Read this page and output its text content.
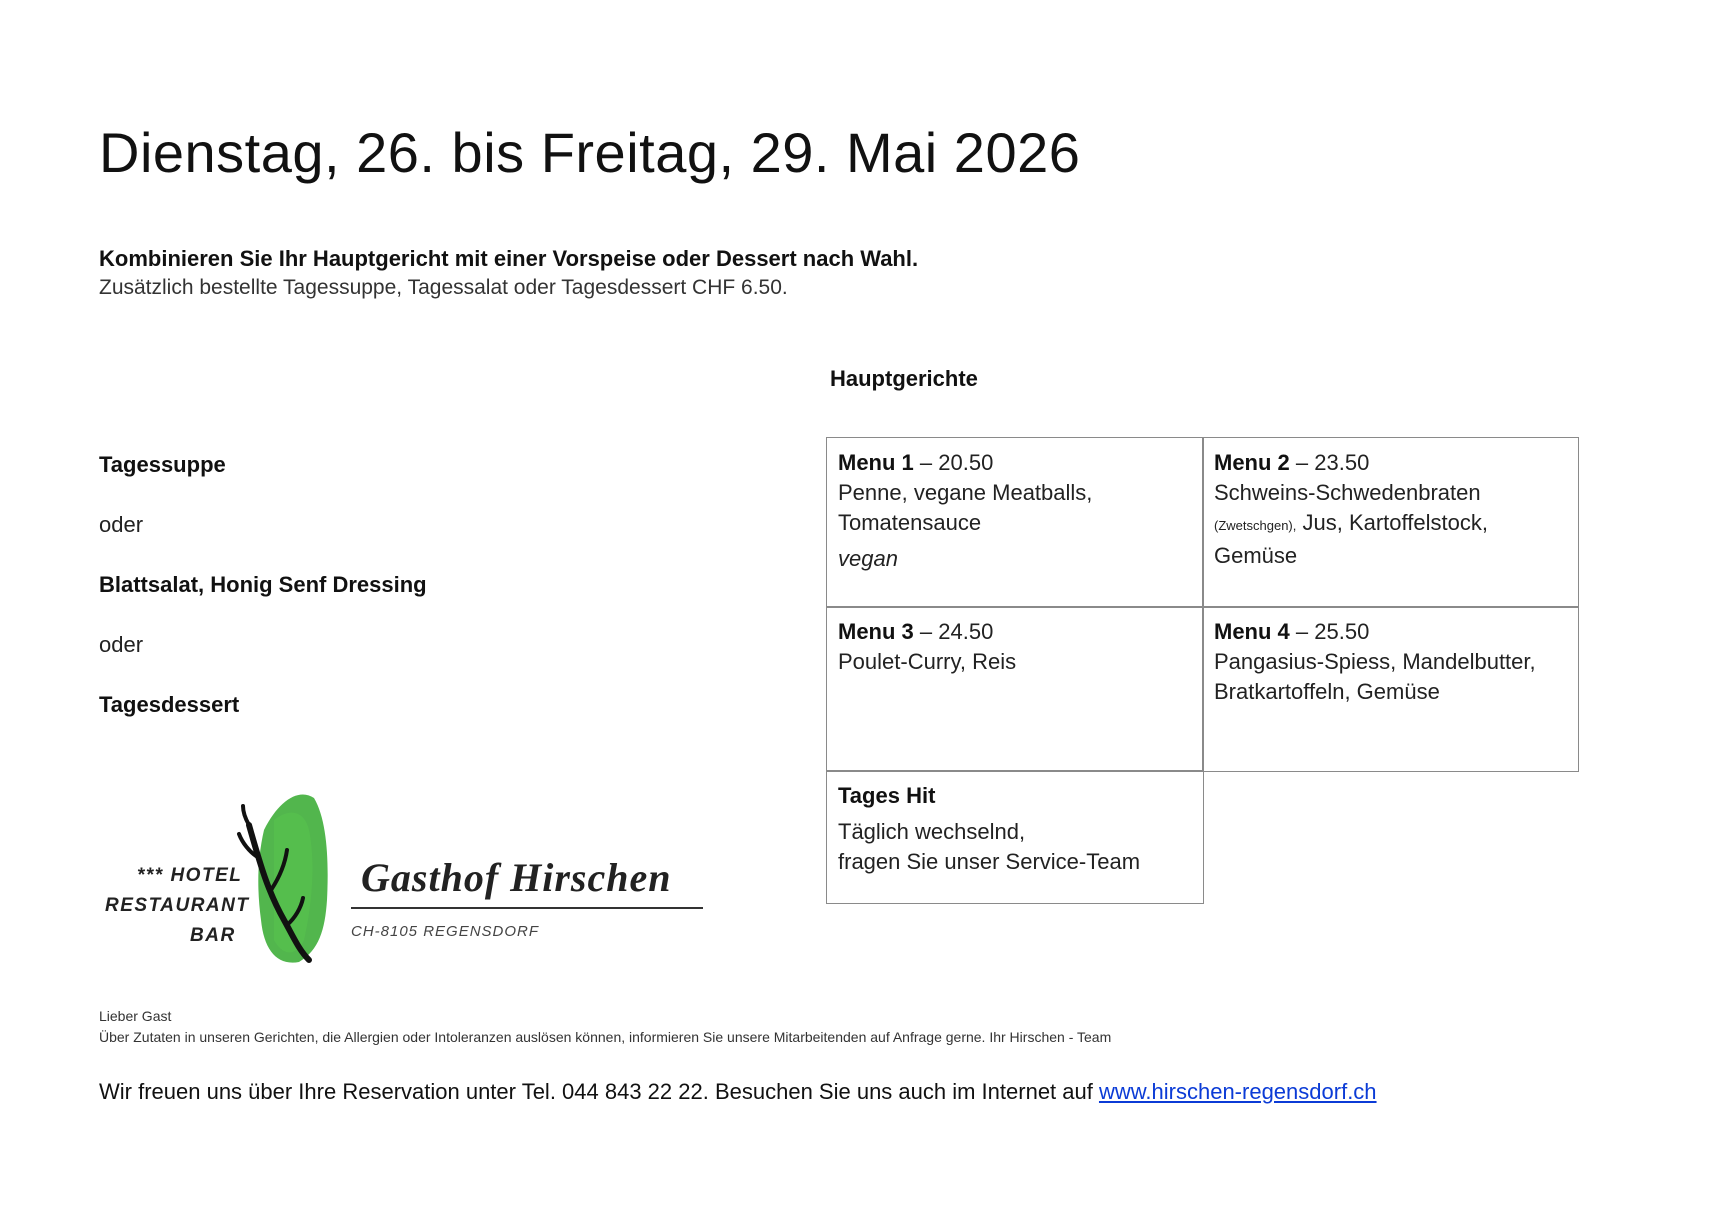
Dienstag, 26. bis Freitag, 29. Mai 2026
Kombinieren Sie Ihr Hauptgericht mit einer Vorspeise oder Dessert nach Wahl.
Zusätzlich bestellte Tagessuppe, Tagessalat oder Tagesdessert CHF 6.50.
Hauptgerichte
Tagessuppe
oder
Blattsalat, Honig Senf Dressing
oder
Tagesdessert
Menu 1 – 20.50
Penne, vegane Meatballs, Tomatensauce
vegan
Menu 2 – 23.50
Schweins-Schwedenbraten
(Zwetschgen), Jus, Kartoffelstock, Gemüse
Menu 3 – 24.50
Poulet-Curry, Reis
Menu 4 – 25.50
Pangasius-Spiess, Mandelbutter, Bratkartoffeln, Gemüse
Tages Hit
Täglich wechselnd,
fragen Sie unser Service-Team
*** HOTEL
RESTAURANT
BAR
Gasthof Hirschen
CH-8105 REGENSDORF
Lieber Gast
Über Zutaten in unseren Gerichten, die Allergien oder Intoleranzen auslösen können, informieren Sie unsere Mitarbeitenden auf Anfrage gerne. Ihr Hirschen - Team
Wir freuen uns über Ihre Reservation unter Tel. 044 843 22 22. Besuchen Sie uns auch im Internet auf www.hirschen-regensdorf.ch
